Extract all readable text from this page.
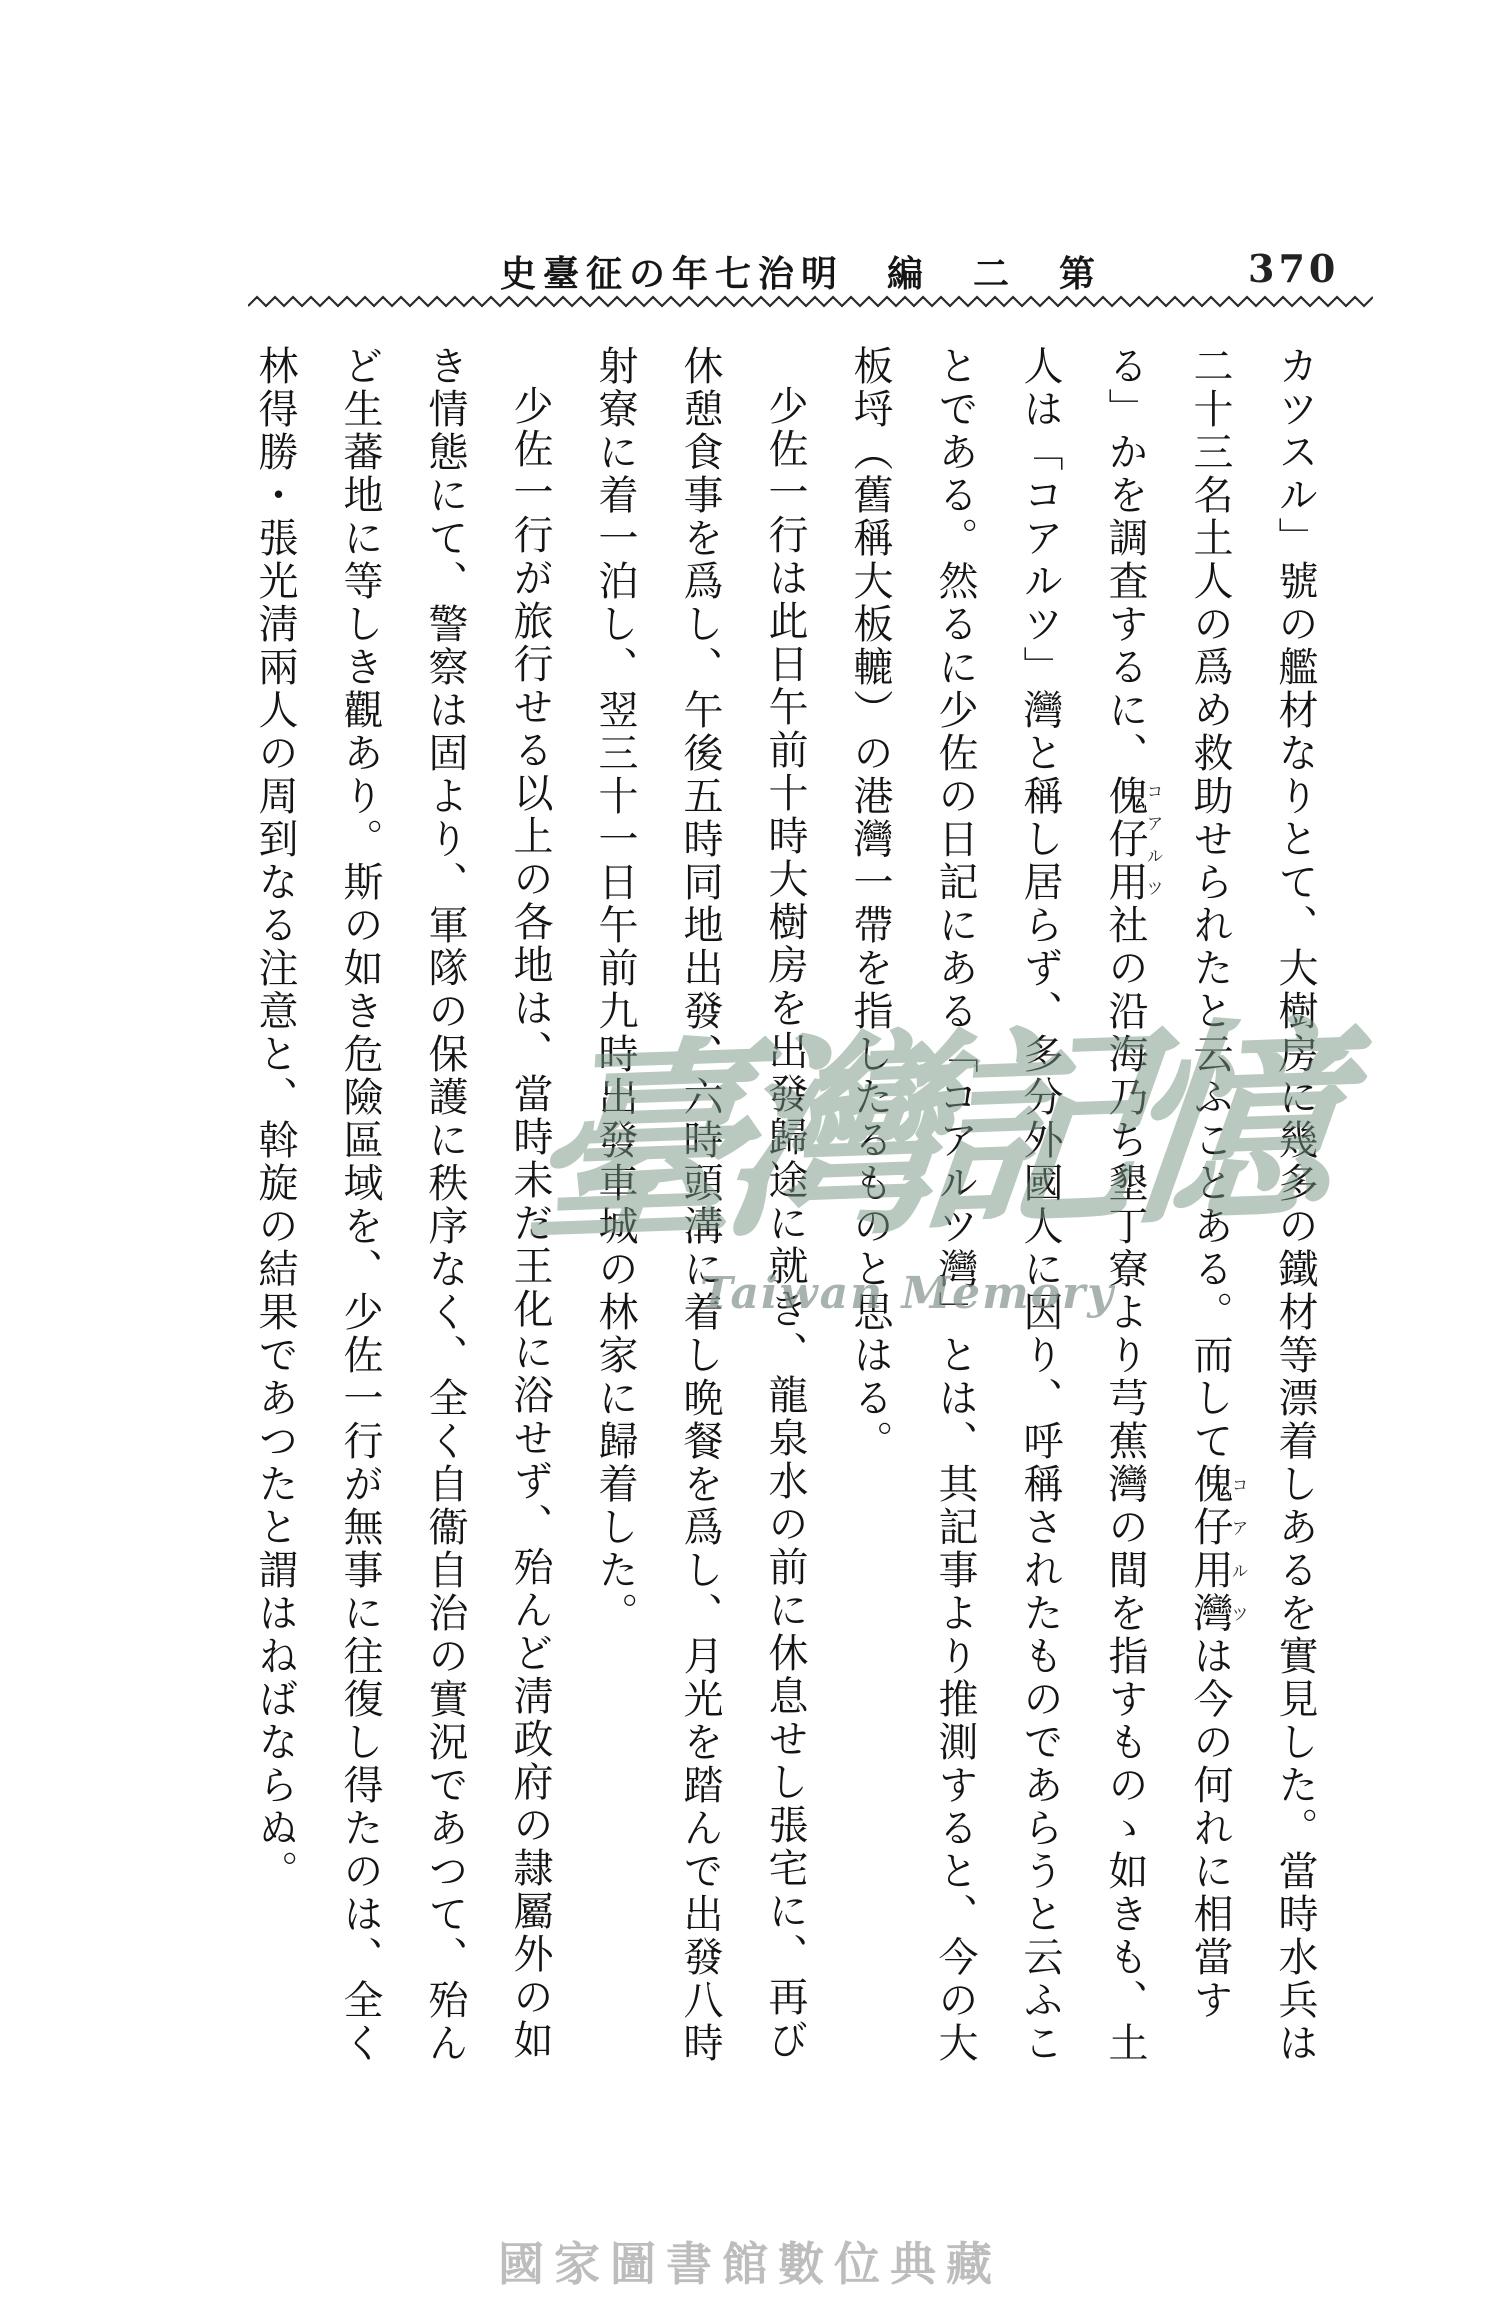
史臺征の年七治明　編　二　第	370

カツスル」號の艦材なりとて、大樹房に幾多の鐵材等漂着しあるを實見した。當時水兵は二十三名土人の爲め救助せられたと云ふことある。而して傀仔用灣コアルツは今の何れに相當する」かを調査するに、傀仔用コアルツ社の沿海乃ち墾丁寮より芎蕉灣の間を指すものゝ如きも、土人は「コアルツ」灣と稱し居らず、多分外國人に因り、呼稱されたものであらうと云ふことである。然るに少佐の日記にある「コアルツ灣」とは、其記事より推測すると、今の大板埒（舊稱大板轆）の港灣一帶を指したるものと思はる。

少佐一行は此日午前十時大樹房を出發歸途に就き、龍泉水の前に休息せし張宅に、再び休憩食事を爲し、午後五時同地出發、六時頭溝に着し晩餐を爲し、月光を踏んで出發八時射寮に着一泊し、翌三十一日午前九時出發車城の林家に歸着した。

少佐一行が旅行せる以上の各地は、當時未だ王化に浴せず、殆んど淸政府の隷屬外の如き情態にて、警察は固より、軍隊の保護に秩序なく、全く自衞自治の實況であつて、殆んど生蕃地に等しき觀あり。斯の如き危險區域を、少佐一行が無事に往復し得たのは、全く林得勝・張光淸兩人の周到なる注意と、斡旋の結果であつたと謂はねばならぬ。	臺灣記憶
Taiwan Memory
國家圖書館數位典藏
